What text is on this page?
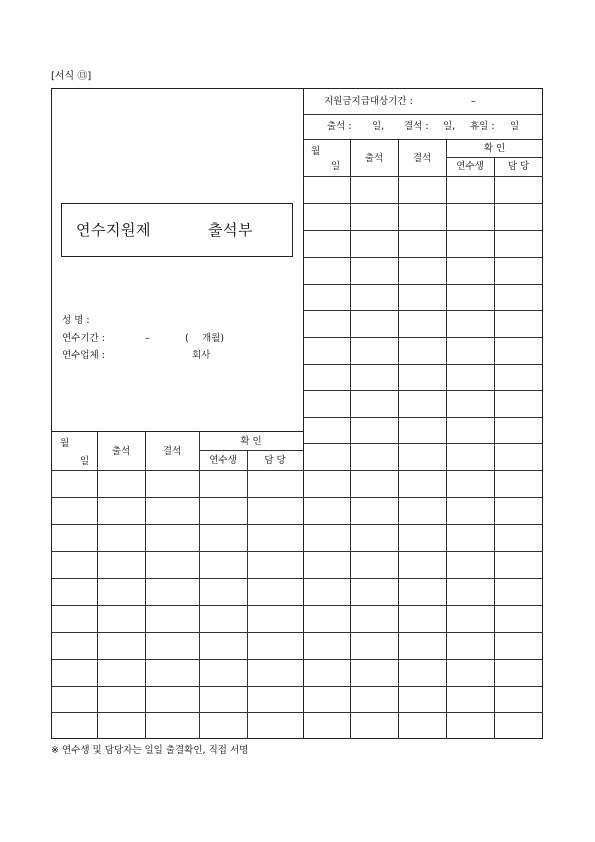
[서식 ⑬]
지원금지급대상기간 :	–
출석 : 일, 결석 : 일, 휴일 : 일
월
일
출석	결석
확 인
연수생	담 당
연수지원제	출석부
성 명 :
연수기간 :	–	( 개월)
연수업체 :	회사
월
일
출석	결석
확 인
연수생	담 당
※ 연수생 및 담당자는 일일 출결확인, 직접 서명
